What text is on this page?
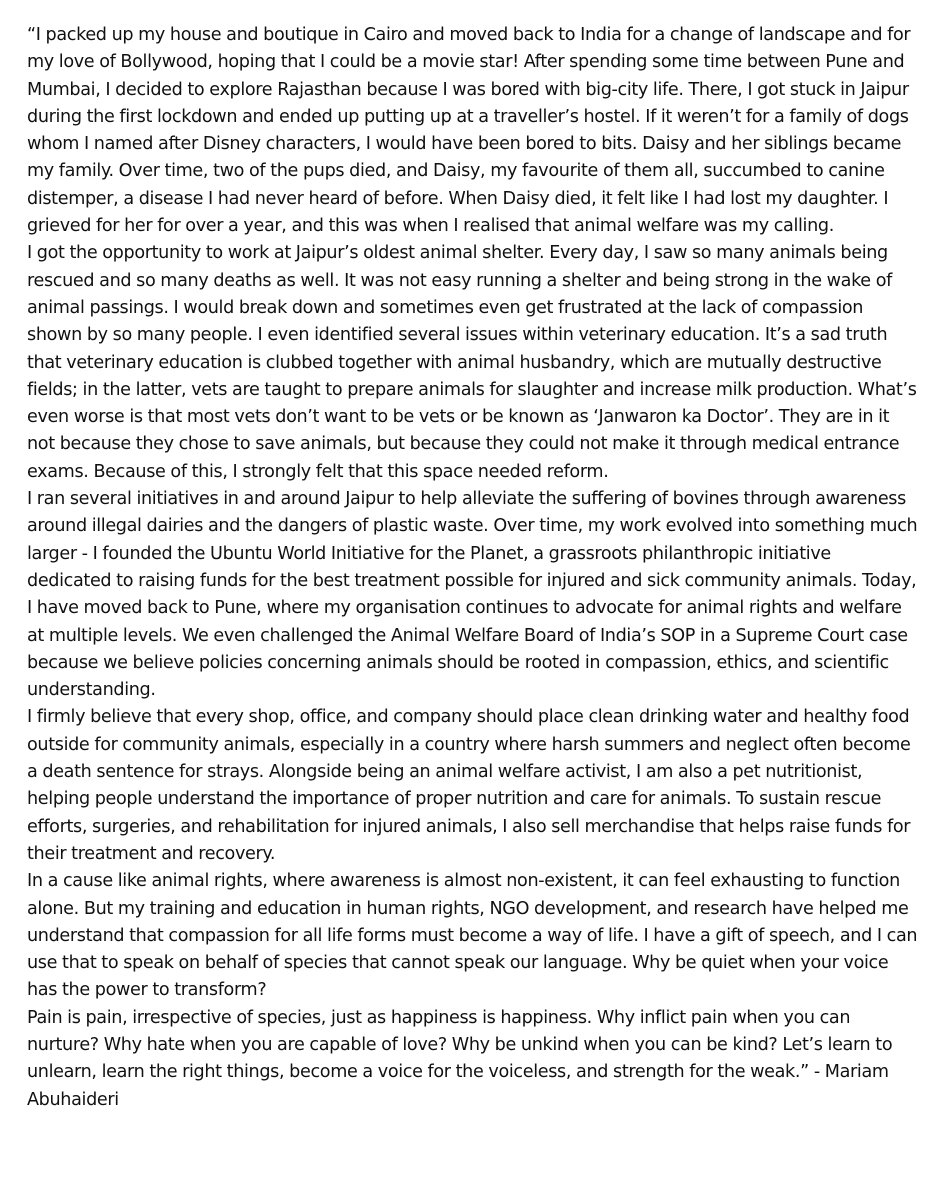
“I packed up my house and boutique in Cairo and moved back to India for a change of landscape and for my love of Bollywood, hoping that I could be a movie star! After spending some time between Pune and Mumbai, I decided to explore Rajasthan because I was bored with big-city life. There, I got stuck in Jaipur during the first lockdown and ended up putting up at a traveller’s hostel. If it weren’t for a family of dogs whom I named after Disney characters, I would have been bored to bits. Daisy and her siblings became my family. Over time, two of the pups died, and Daisy, my favourite of them all, succumbed to canine distemper, a disease I had never heard of before. When Daisy died, it felt like I had lost my daughter. I grieved for her for over a year, and this was when I realised that animal welfare was my calling.

I got the opportunity to work at Jaipur’s oldest animal shelter. Every day, I saw so many animals being rescued and so many deaths as well. It was not easy running a shelter and being strong in the wake of animal passings. I would break down and sometimes even get frustrated at the lack of compassion shown by so many people. I even identified several issues within veterinary education. It’s a sad truth that veterinary education is clubbed together with animal husbandry, which are mutually destructive fields; in the latter, vets are taught to prepare animals for slaughter and increase milk production. What’s even worse is that most vets don’t want to be vets or be known as ‘Janwaron ka Doctor’. They are in it not because they chose to save animals, but because they could not make it through medical entrance exams. Because of this, I strongly felt that this space needed reform.

I ran several initiatives in and around Jaipur to help alleviate the suffering of bovines through awareness around illegal dairies and the dangers of plastic waste. Over time, my work evolved into something much larger - I founded the Ubuntu World Initiative for the Planet, a grassroots philanthropic initiative dedicated to raising funds for the best treatment possible for injured and sick community animals. Today, I have moved back to Pune, where my organisation continues to advocate for animal rights and welfare at multiple levels. We even challenged the Animal Welfare Board of India’s SOP in a Supreme Court case because we believe policies concerning animals should be rooted in compassion, ethics, and scientific understanding.

I firmly believe that every shop, office, and company should place clean drinking water and healthy food outside for community animals, especially in a country where harsh summers and neglect often become a death sentence for strays. Alongside being an animal welfare activist, I am also a pet nutritionist, helping people understand the importance of proper nutrition and care for animals. To sustain rescue efforts, surgeries, and rehabilitation for injured animals, I also sell merchandise that helps raise funds for their treatment and recovery.

In a cause like animal rights, where awareness is almost non-existent, it can feel exhausting to function alone. But my training and education in human rights, NGO development, and research have helped me understand that compassion for all life forms must become a way of life. I have a gift of speech, and I can use that to speak on behalf of species that cannot speak our language. Why be quiet when your voice has the power to transform?

Pain is pain, irrespective of species, just as happiness is happiness. Why inflict pain when you can nurture? Why hate when you are capable of love? Why be unkind when you can be kind? Let’s learn to unlearn, learn the right things, become a voice for the voiceless, and strength for the weak.” - Mariam Abuhaideri
